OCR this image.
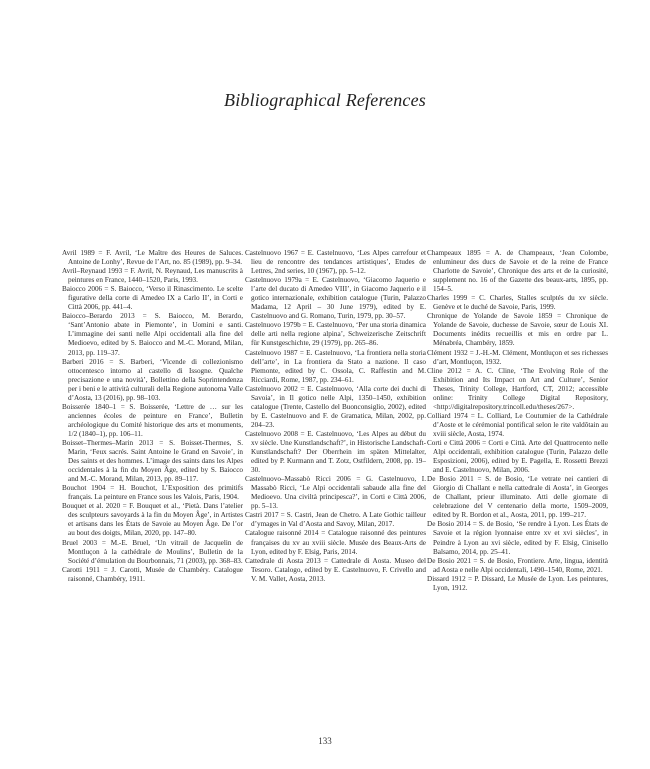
Bibliographical References

Avril 1989 = F. Avril, ‘Le Maître des Heures de Saluces. Antoine de Lonhy’, Revue de l’Art, no. 85 (1989), pp. 9–34.

Avril–Reynaud 1993 = F. Avril, N. Reynaud, Les manuscrits à peintures en France, 1440–1520, Paris, 1993.

Baiocco 2006 = S. Baiocco, ‘Verso il Rinascimento. Le scelte figurative della corte di Amedeo IX a Carlo II’, in Corti e Città 2006, pp. 441–4.

Baiocco–Berardo 2013 = S. Baiocco, M. Berardo, ‘Sant’Antonio abate in Piemonte’, in Uomini e santi. L’immagine dei santi nelle Alpi occidentali alla fine del Medioevo, edited by S. Baiocco and M.-C. Morand, Milan, 2013, pp. 119–37.

Barberi 2016 = S. Barberi, ‘Vicende di collezionismo ottocentesco intorno al castello di Issogne. Qualche precisazione e una novità’, Bollettino della Soprintendenza per i beni e le attività culturali della Regione autonoma Valle d’Aosta, 13 (2016), pp. 98–103.

Boisserée 1840–1 = S. Boisserée, ‘Lettre de … sur les anciennes écoles de peinture en France’, Bulletin archéologique du Comité historique des arts et monuments, 1/2 (1840–1), pp. 106–11.

Boisset–Thermes–Marin 2013 = S. Boisset-Thermes, S. Marin, ‘Feux sacrés. Saint Antoine le Grand en Savoie’, in Des saints et des hommes. L’image des saints dans les Alpes occidentales à la fin du Moyen Âge, edited by S. Baiocco and M.-C. Morand, Milan, 2013, pp. 89–117.

Bouchot 1904 = H. Bouchot, L’Exposition des primitifs français. La peinture en France sous les Valois, Paris, 1904.

Bouquet et al. 2020 = F. Bouquet et al., ‘Pietà. Dans l’atelier des sculpteurs savoyards à la fin du Moyen Âge’, in Artistes et artisans dans les États de Savoie au Moyen Âge. De l’or au bout des doigts, Milan, 2020, pp. 147–80.

Bruel 2003 = M.-E. Bruel, ‘Un vitrail de Jacquelin de Montluçon à la cathédrale de Moulins’, Bulletin de la Société d’émulation du Bourbonnais, 71 (2003), pp. 368–83.

Carotti 1911 = J. Carotti, Musée de Chambéry. Catalogue raisonné, Chambéry, 1911.

Castelnuovo 1967 = E. Castelnuovo, ‘Les Alpes carrefour et lieu de rencontre des tendances artistiques’, Etudes de Lettres, 2nd series, 10 (1967), pp. 5–12.

Castelnuovo 1979a = E. Castelnuovo, ‘Giacomo Jaquerio e l’arte del ducato di Amedeo VIII’, in Giacomo Jaquerio e il gotico internazionale, exhibition catalogue (Turin, Palazzo Madama, 12 April – 30 June 1979), edited by E. Castelnuovo and G. Romano, Turin, 1979, pp. 30–57.

Castelnuovo 1979b = E. Castelnuovo, ‘Per una storia dinamica delle arti nella regione alpina’, Schweizerische Zeitschrift für Kunstgeschichte, 29 (1979), pp. 265–86.

Castelnuovo 1987 = E. Castelnuovo, ‘La frontiera nella storia dell’arte’, in La frontiera da Stato a nazione. Il caso Piemonte, edited by C. Ossola, C. Raffestin and M. Ricciardi, Rome, 1987, pp. 234–61.

Castelnuovo 2002 = E. Castelnuovo, ‘Alla corte dei duchi di Savoia’, in Il gotico nelle Alpi, 1350–1450, exhibition catalogue (Trente, Castello del Buonconsiglio, 2002), edited by E. Castelnuovo and F. de Gramatica, Milan, 2002, pp. 204–23.

Castelnuovo 2008 = E. Castelnuovo, ‘Les Alpes au début du xv siècle. Une Kunstlandschaft?’, in Historische Landschaft-Kunstlandschaft? Der Oberrhein im späten Mittelalter, edited by P. Kurmann and T. Zotz, Ostfildern, 2008, pp. 19–30.

Castelnuovo–Massabò Ricci 2006 = G. Castelnuovo, I. Massabò Ricci, ‘Le Alpi occidentali sabaude alla fine del Medioevo. Una civiltà principesca?’, in Corti e Città 2006, pp. 5–13.

Castri 2017 = S. Castri, Jean de Chetro. A Late Gothic tailleur d’ymages in Val d’Aosta and Savoy, Milan, 2017.

Catalogue raisonné 2014 = Catalogue raisonné des peintures françaises du xv au xviii siècle. Musée des Beaux-Arts de Lyon, edited by F. Elsig, Paris, 2014.

Cattedrale di Aosta 2013 = Cattedrale di Aosta. Museo del Tesoro. Catalogo, edited by E. Castelnuovo, F. Crivello and V. M. Vallet, Aosta, 2013.

Champeaux 1895 = A. de Champeaux, ‘Jean Colombe, enlumineur des ducs de Savoie et de la reine de France Charlotte de Savoie’, Chronique des arts et de la curiosité, supplement no. 16 of the Gazette des beaux-arts, 1895, pp. 154–5.

Charles 1999 = C. Charles, Stalles sculptés du xv siècle. Genève et le duché de Savoie, Paris, 1999.

Chronique de Yolande de Savoie 1859 = Chronique de Yolande de Savoie, duchesse de Savoie, sœur de Louis XI. Documents inédits recueillis et mis en ordre par L. Ménabréa, Chambéry, 1859.

Clément 1932 = J.-H.-M. Clément, Montluçon et ses richesses d’art, Montluçon, 1932.

Cline 2012 = A. C. Cline, ‘The Evolving Role of the Exhibition and Its Impact on Art and Culture’, Senior Theses, Trinity College, Hartford, CT, 2012; accessible online: Trinity College Digital Repository, <http://digitalrepository.trincoll.edu/theses/267>.

Colliard 1974 = L. Colliard, Le Coutumier de la Cathédrale d’Aoste et le cérémonial pontifical selon le rite valdôtain au xviii siècle, Aosta, 1974.

Corti e Città 2006 = Corti e Città. Arte del Quattrocento nelle Alpi occidentali, exhibition catalogue (Turin, Palazzo delle Esposizioni, 2006), edited by E. Pagella, E. Rossetti Brezzi and E. Castelnuovo, Milan, 2006.

De Bosio 2011 = S. de Bosio, ‘Le vetrate nei cantieri di Giorgio di Challant e nella cattedrale di Aosta’, in Georges de Challant, prieur illuminato. Atti delle giornate di celebrazione del V centenario della morte, 1509–2009, edited by R. Bordon et al., Aosta, 2011, pp. 199–217.

De Bosio 2014 = S. de Bosio, ‘Se rendre à Lyon. Les États de Savoie et la région lyonnaise entre xv et xvi siècles’, in Peindre à Lyon au xvi siècle, edited by F. Elsig, Cinisello Balsamo, 2014, pp. 25–41.

De Bosio 2021 = S. de Bosio, Frontiere. Arte, lingua, identità ad Aosta e nelle Alpi occidentali, 1490–1540, Rome, 2021.

Dissard 1912 = P. Dissard, Le Musée de Lyon. Les peintures, Lyon, 1912.

133
